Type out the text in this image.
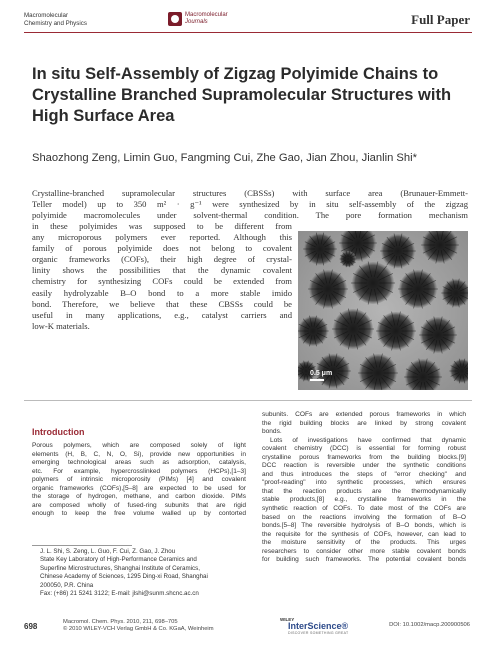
Macromolecular
Chemistry and Physics
Macromolecular
Journals	Full Paper
In situ Self-Assembly of Zigzag Polyimide Chains to Crystalline Branched Supramolecular Structures with High Surface Area
Shaozhong Zeng, Limin Guo, Fangming Cui, Zhe Gao, Jian Zhou, Jianlin Shi*
Crystalline-branched supramolecular structures (CBSSs) with surface area (Brunauer-Emmett-
Teller model) up to 350 m² · g⁻¹ were synthesized by in situ self-assembly of the zigzag
polyimide macromolecules under solvent-thermal condition. The pore formation mechanism
in these polyimides was supposed to be different from
any microporous polymers ever reported. Although this
family of porous polyimide does not belong to covalent
organic frameworks (COFs), their high degree of crystal-
linity shows the possibilities that the dynamic covalent
chemistry for synthesizing COFs could be extended from
easily hydrolyzable B–O bond to a more stable imido
bond. Therefore, we believe that these CBSSs could be
useful in many applications, e.g., catalyst carriers and
low-K materials.
0.5 μm
Introduction
Porous polymers, which are composed solely of light
elements (H, B, C, N, O, Si), provide new opportunities in
emerging technological areas such as adsorption, catalysis,
etc. For example, hypercrosslinked polymers (HCPs),[1–3]
polymers of intrinsic microporosity (PIMs) [4] and covalent
organic frameworks (COFs),[5–8] are expected to be used for
the storage of hydrogen, methane, and carbon dioxide. PIMs
are composed wholly of fused-ring subunits that are rigid
enough to keep the free volume walled up by contorted
J. L. Shi, S. Zeng, L. Guo, F. Cui, Z. Gao, J. Zhou
State Key Laboratory of High-Performance Ceramics and
Superfine Microstructures, Shanghai Institute of Ceramics,
Chinese Academy of Sciences, 1295 Ding-xi Road, Shanghai
200050, P.R. China
Fax: (+86) 21 5241 3122; E-mail: jlshi@sunm.shcnc.ac.cn
subunits. COFs are extended porous frameworks in which
the rigid building blocks are linked by strong covalent
bonds.
Lots of investigations have confirmed that dynamic
covalent chemistry (DCC) is essential for forming robust
crystalline porous frameworks from the building blocks.[9]
DCC reaction is reversible under the synthetic conditions
and thus introduces the steps of "error checking" and
"proof-reading" into synthetic processes, which ensures
that the reaction products are the thermodynamically
stable products,[8] e.g., crystalline frameworks in the
synthetic reaction of COFs. To date most of the COFs are
based on the reactions involving the formation of B–O
bonds.[5–8] The reversible hydrolysis of B–O bonds, which is
the requisite for the synthesis of COFs, however, can lead to
the moisture sensitivity of the products. This urges
researchers to consider other more stable covalent bonds
for building such frameworks. The potential covalent bonds
698	Macromol. Chem. Phys. 2010, 211, 698–705
© 2010 WILEY-VCH Verlag GmbH & Co. KGaA, Weinheim
WILEY
InterScience®
DISCOVER SOMETHING GREAT
DOI: 10.1002/macp.200900506
